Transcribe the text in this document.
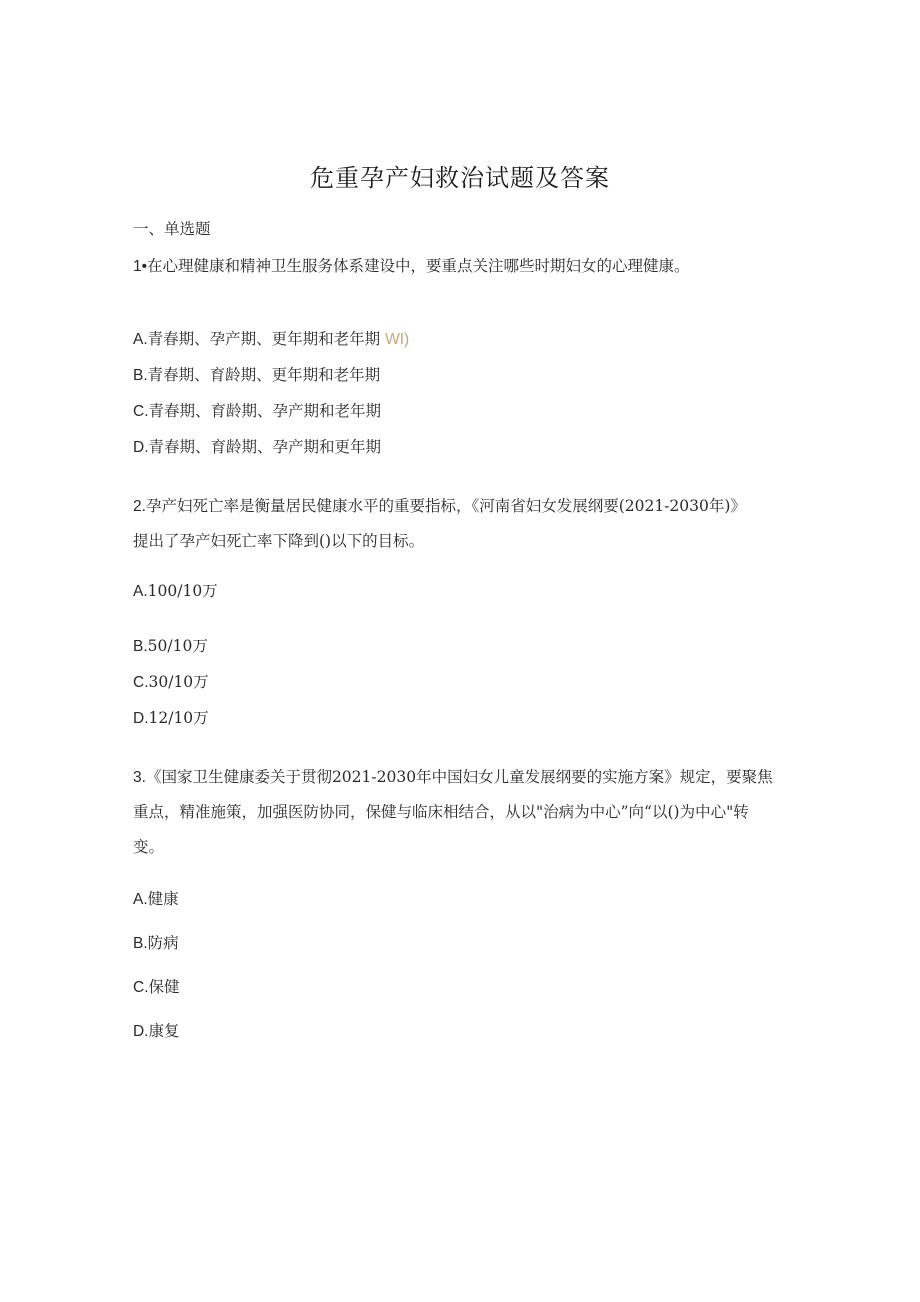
危重孕产妇救治试题及答案
一、单选题
1•在心理健康和精神卫生服务体系建设中，要重点关注哪些时期妇女的心理健康。
A.青春期、孕产期、更年期和老年期 WI)
B.青春期、育龄期、更年期和老年期
C.青春期、育龄期、孕产期和老年期
D.青春期、育龄期、孕产期和更年期
2.孕产妇死亡率是衡量居民健康水平的重要指标，《河南省妇女发展纲要(2021-2030年)》提出了孕产妇死亡率下降到()以下的目标。
A.100/10万
B.50/10万
C.30/10万
D.12/10万
3.《国家卫生健康委关于贯彻2021-2030年中国妇女儿童发展纲要的实施方案》规定，要聚焦重点，精准施策，加强医防协同，保健与临床相结合，从以"治病为中心”向“以()为中心"转变。
A.健康
B.防病
C.保健
D.康复
